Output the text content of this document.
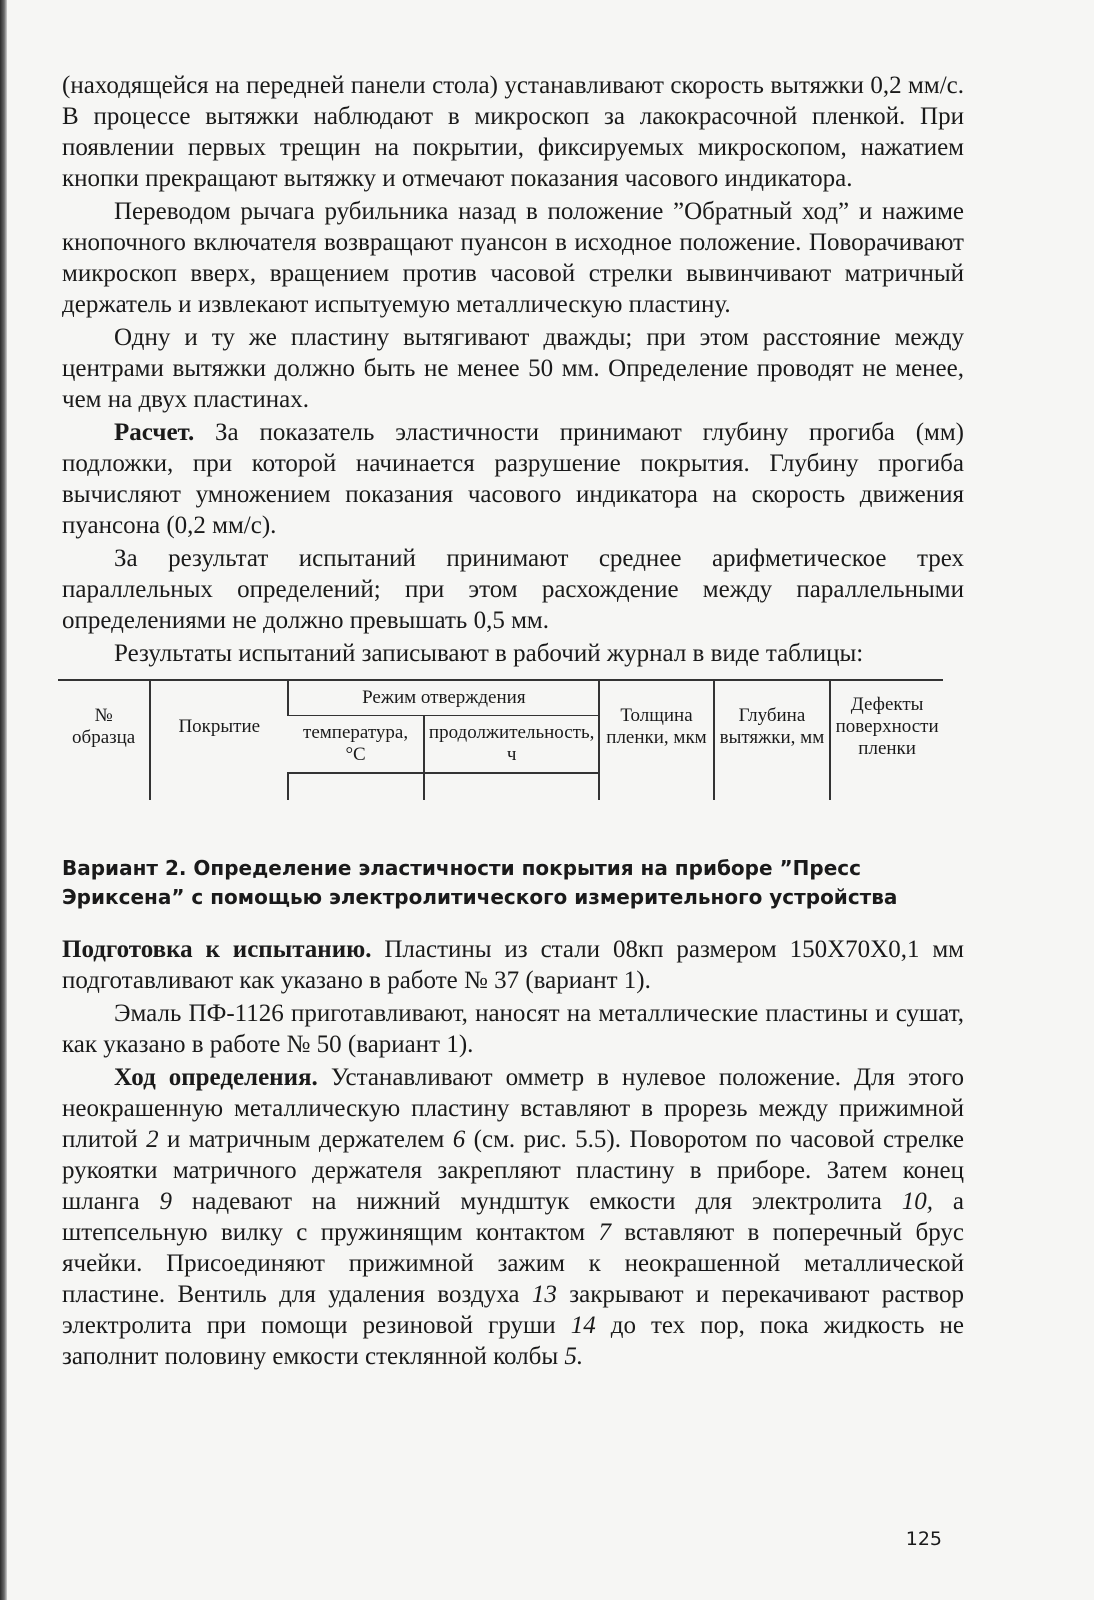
(находящейся на передней панели стола) устанавливают скорость вытяжки 0,2 мм/с. В процессе вытяжки наблюдают в микроскоп за лакокрасочной пленкой. При появлении первых трещин на покрытии, фиксируемых микроскопом, нажатием кнопки прекращают вытяжку и отмечают показания часового индикатора.

Переводом рычага рубильника назад в положение ”Обратный ход” и нажиме кнопочного включателя возвращают пуансон в исходное положение. Поворачивают микроскоп вверх, вращением против часовой стрелки вывинчивают матричный держатель и извлекают испытуемую металлическую пластину.

Одну и ту же пластину вытягивают дважды; при этом расстояние между центрами вытяжки должно быть не менее 50 мм. Определение проводят не менее, чем на двух пластинах.

Расчет. За показатель эластичности принимают глубину прогиба (мм) подложки, при которой начинается разрушение покрытия. Глубину прогиба вычисляют умножением показания часового индикатора на скорость движения пуансона (0,2 мм/с).

За результат испытаний принимают среднее арифметическое трех параллельных определений; при этом расхождение между параллельными определениями не должно превышать 0,5 мм.

Результаты испытаний записывают в рабочий журнал в виде таблицы:

№ образца	Покрытие	Режим отверждения		Толщина пленки, мкм	Глубина вытяжки, мм	Дефекты поверхности пленки
		температура, °С	продолжительность, ч			

Вариант 2. Определение эластичности покрытия на приборе ”Пресс Эриксена” с помощью электролитического измерительного устройства

Подготовка к испытанию. Пластины из стали 08кп размером 150X70X0,1 мм подготавливают как указано в работе № 37 (вариант 1).

Эмаль ПФ-1126 приготавливают, наносят на металлические пластины и сушат, как указано в работе № 50 (вариант 1).

Ход определения. Устанавливают омметр в нулевое положение. Для этого неокрашенную металлическую пластину вставляют в прорезь между прижимной плитой 2 и матричным держателем 6 (см. рис. 5.5). Поворотом по часовой стрелке рукоятки матричного держателя закрепляют пластину в приборе. Затем конец шланга 9 надевают на нижний мундштук емкости для электролита 10, а штепсельную вилку с пружинящим контактом 7 вставляют в поперечный брус ячейки. Присоединяют прижимной зажим к неокрашенной металлической пластине. Вентиль для удаления воздуха 13 закрывают и перекачивают раствор электролита при помощи резиновой груши 14 до тех пор, пока жидкость не заполнит половину емкости стеклянной колбы 5.

125
